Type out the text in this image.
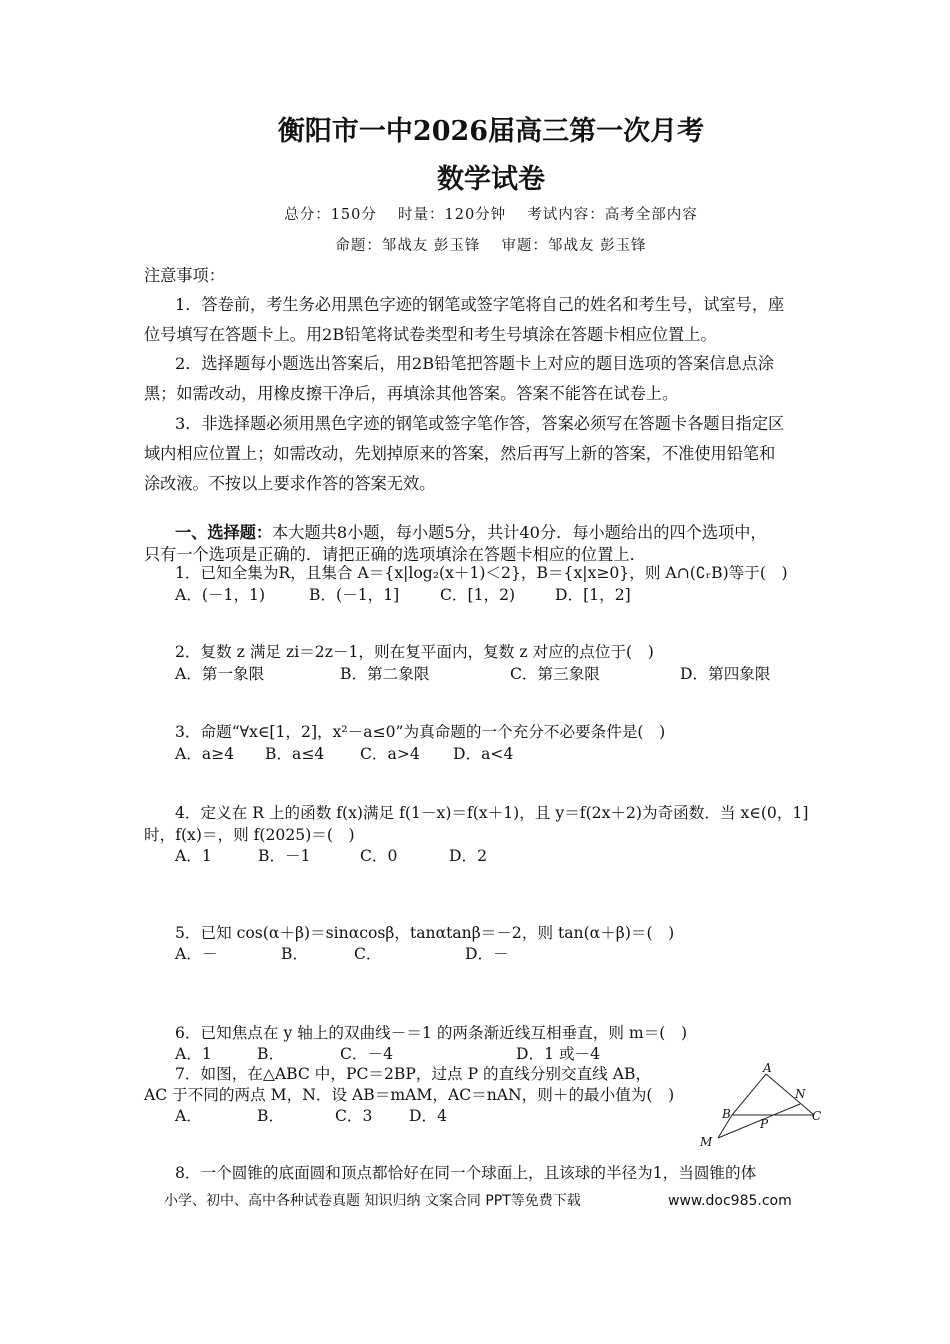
衡阳市一中2026届高三第一次月考
数学试卷
总分：150分　 时量：120分钟　 考试内容：高考全部内容
命题：邹战友 彭玉锋　 审题：邹战友 彭玉锋
注意事项：
1．答卷前，考生务必用黑色字迹的钢笔或签字笔将自己的姓名和考生号，试室号，座
位号填写在答题卡上。用2B铅笔将试卷类型和考生号填涂在答题卡相应位置上。
2．选择题每小题选出答案后，用2B铅笔把答题卡上对应的题目选项的答案信息点涂
黑；如需改动，用橡皮擦干净后，再填涂其他答案。答案不能答在试卷上。
3．非选择题必须用黑色字迹的钢笔或签字笔作答，答案必须写在答题卡各题目指定区
域内相应位置上；如需改动，先划掉原来的答案，然后再写上新的答案，不准使用铅笔和
涂改液。不按以上要求作答的答案无效。
一、选择题：本大题共8小题，每小题5分，共计40分．每小题给出的四个选项中，
只有一个选项是正确的．请把正确的选项填涂在答题卡相应的位置上．
1．已知全集为R，且集合 A＝{x|log₂(x＋1)＜2}，B＝{x|x≥0}，则 A∩(∁ᵣB)等于(　)
A．(－1，1)	B．(－1，1]	C．[1，2)	D．[1，2]
2．复数 z 满足 zi＝2z－1，则在复平面内，复数 z 对应的点位于(　)
A．第一象限	B．第二象限	C．第三象限	D．第四象限
3．命题“∀x∈[1，2]，x²－a≤0”为真命题的一个充分不必要条件是(　)
A．a≥4 B．a≤4 C．a>4 D．a<4
4．定义在 R 上的函数 f(x)满足 f(1－x)＝f(x＋1)，且 y＝f(2x＋2)为奇函数．当 x∈(0，1]
时，f(x)＝，则 f(2025)＝(　)
A．1	B．－1	C．0	D．2
5．已知 cos(α＋β)＝sinαcosβ，tanαtanβ＝－2，则 tan(α＋β)＝(　)
A．－	B．	C．	D．－
6．已知焦点在 y 轴上的双曲线－＝1 的两条渐近线互相垂直，则 m＝(　)
A．1	B．	C．－4	D．1 或－4
7．如图，在△ABC 中，PC＝2BP，过点 P 的直线分别交直线 AB，
AC 于不同的两点 M，N．设 AB＝mAM，AC＝nAN，则＋的最小值为(　)
A．	B．	C．3 D．4
A
N
B	C
P
M
8．一个圆锥的底面圆和顶点都恰好在同一个球面上，且该球的半径为1，当圆锥的体
小学、初中、高中各种试卷真题 知识归纳 文案合同 PPT等免费下载	www.doc985.com
